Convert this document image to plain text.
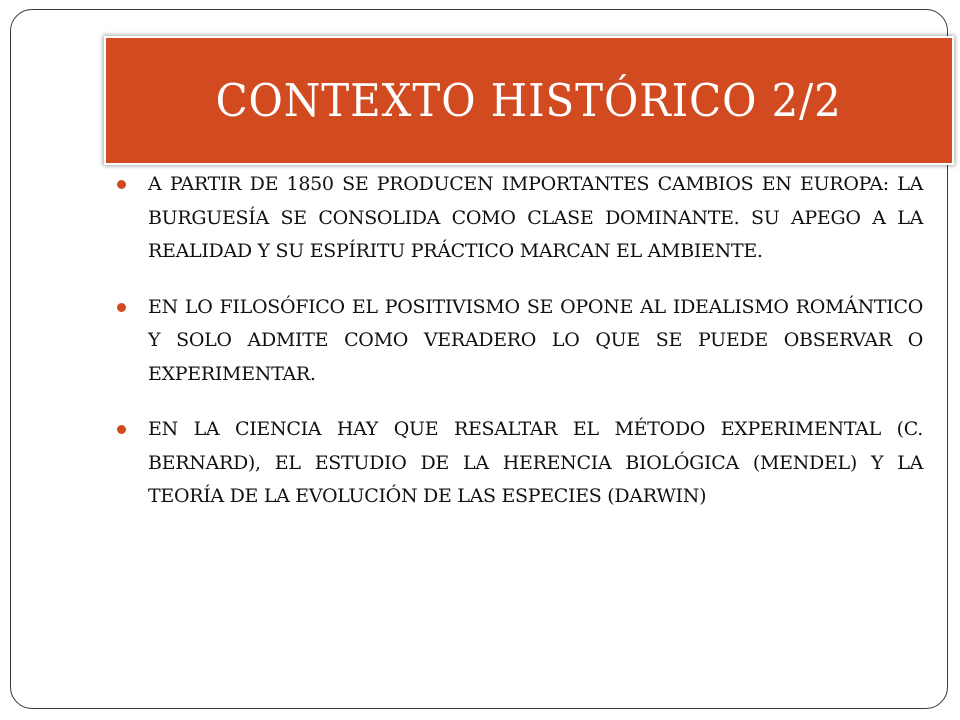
CONTEXTO HISTÓRICO 2/2
A PARTIR DE 1850 SE PRODUCEN IMPORTANTES CAMBIOS EN EUROPA: LA BURGUESÍA SE CONSOLIDA COMO CLASE DOMINANTE. SU APEGO A LA REALIDAD Y SU ESPÍRITU PRÁCTICO MARCAN EL AMBIENTE.
EN LO FILOSÓFICO EL POSITIVISMO SE OPONE AL IDEALISMO ROMÁNTICO Y SOLO ADMITE COMO VERADERO LO QUE SE PUEDE OBSERVAR O EXPERIMENTAR.
EN LA CIENCIA HAY QUE RESALTAR EL MÉTODO EXPERIMENTAL (C. BERNARD), EL ESTUDIO DE LA HERENCIA BIOLÓGICA (MENDEL) Y LA TEORÍA DE LA EVOLUCIÓN DE LAS ESPECIES (DARWIN)
